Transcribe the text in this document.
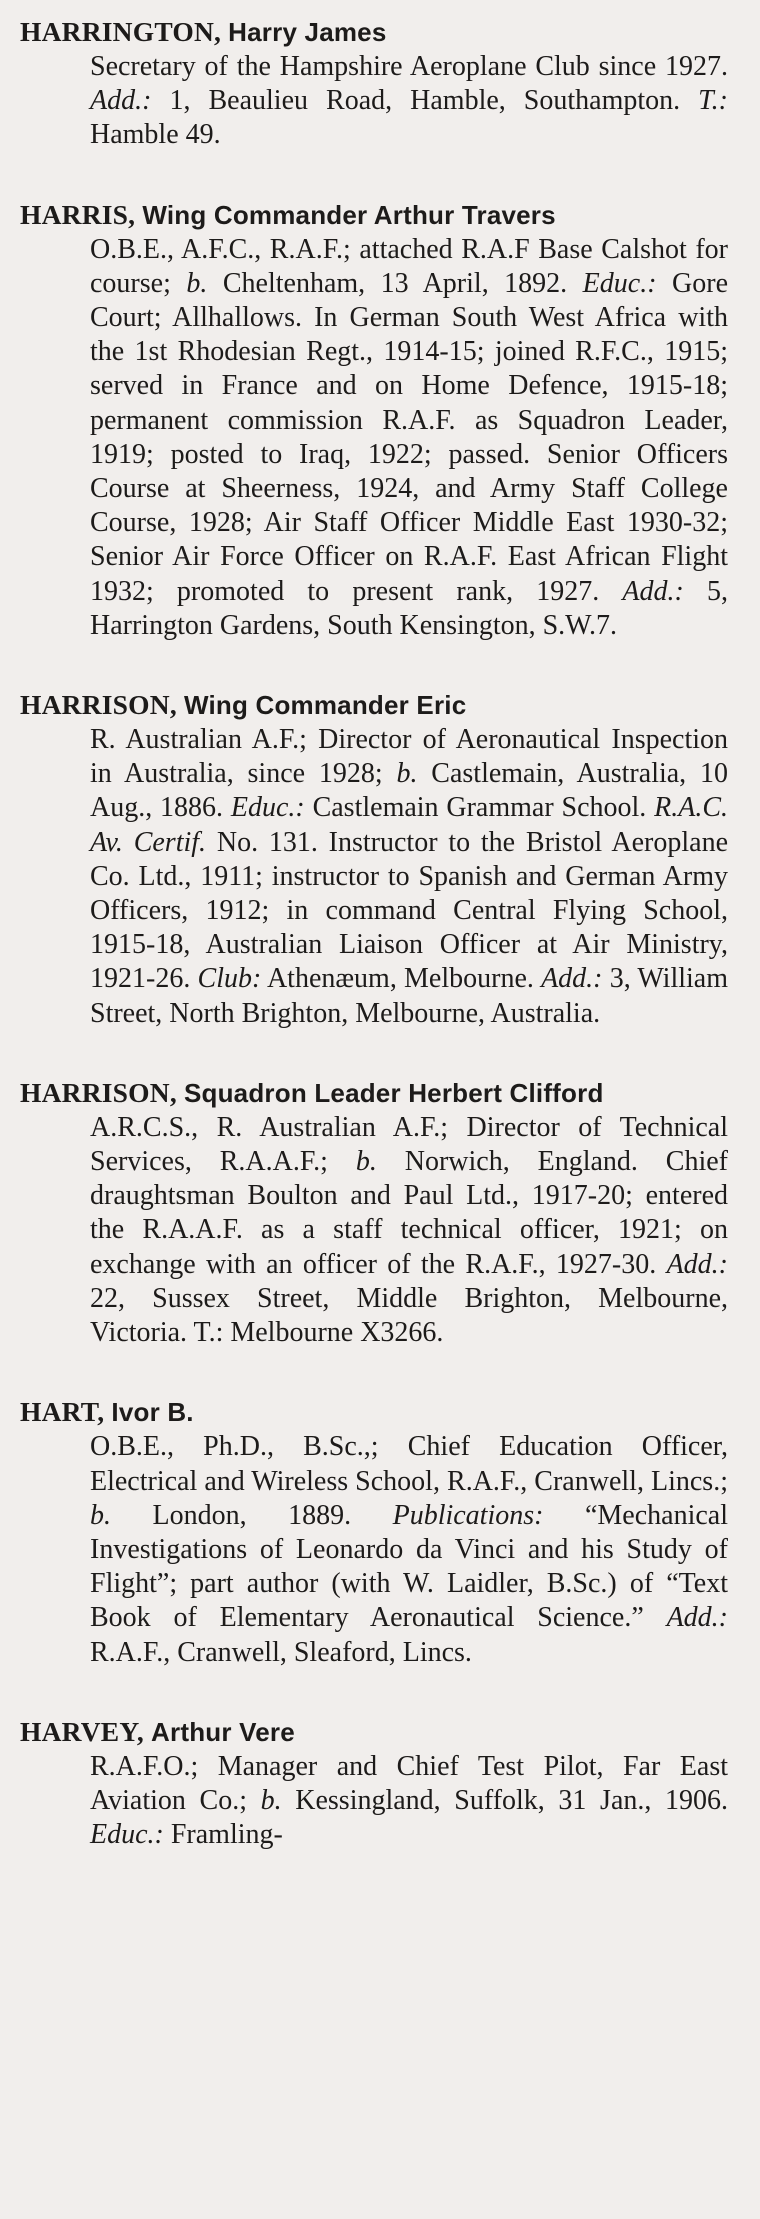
HARRINGTON, Harry James
Secretary of the Hampshire Aeroplane Club since 1927. Add.: 1, Beaulieu Road, Hamble, Southampton. T.: Hamble 49.
HARRIS, Wing Commander Arthur Travers
O.B.E., A.F.C., R.A.F.; attached R.A.F Base Calshot for course; b. Cheltenham, 13 April, 1892. Educ.: Gore Court; Allhallows. In German South West Africa with the 1st Rhodesian Regt., 1914-15; joined R.F.C., 1915; served in France and on Home Defence, 1915-18; permanent commission R.A.F. as Squadron Leader, 1919; posted to Iraq, 1922; passed. Senior Officers Course at Sheerness, 1924, and Army Staff College Course, 1928; Air Staff Officer Middle East 1930-32; Senior Air Force Officer on R.A.F. East African Flight 1932; promoted to present rank, 1927. Add.: 5, Harrington Gardens, South Kensington, S.W.7.
HARRISON, Wing Commander Eric
R. Australian A.F.; Director of Aeronautical Inspection in Australia, since 1928; b. Castlemain, Australia, 10 Aug., 1886. Educ.: Castlemain Grammar School. R.A.C. Av. Certif. No. 131. Instructor to the Bristol Aeroplane Co. Ltd., 1911; instructor to Spanish and German Army Officers, 1912; in command Central Flying School, 1915-18, Australian Liaison Officer at Air Ministry, 1921-26. Club: Athenæum, Melbourne. Add.: 3, William Street, North Brighton, Melbourne, Australia.
HARRISON, Squadron Leader Herbert Clifford
A.R.C.S., R. Australian A.F.; Director of Technical Services, R.A.A.F.; b. Norwich, England. Chief draughtsman Boulton and Paul Ltd., 1917-20; entered the R.A.A.F. as a staff technical officer, 1921; on exchange with an officer of the R.A.F., 1927-30. Add.: 22, Sussex Street, Middle Brighton, Melbourne, Victoria. T.: Melbourne X3266.
HART, Ivor B.
O.B.E., Ph.D., B.Sc.,; Chief Education Officer, Electrical and Wireless School, R.A.F., Cranwell, Lincs.; b. London, 1889. Publications: “Mechanical Investigations of Leonardo da Vinci and his Study of Flight”; part author (with W. Laidler, B.Sc.) of “Text Book of Elementary Aeronautical Science.” Add.: R.A.F., Cranwell, Sleaford, Lincs.
HARVEY, Arthur Vere
R.A.F.O.; Manager and Chief Test Pilot, Far East Aviation Co.; b. Kessingland, Suffolk, 31 Jan., 1906. Educ.: Framling-
